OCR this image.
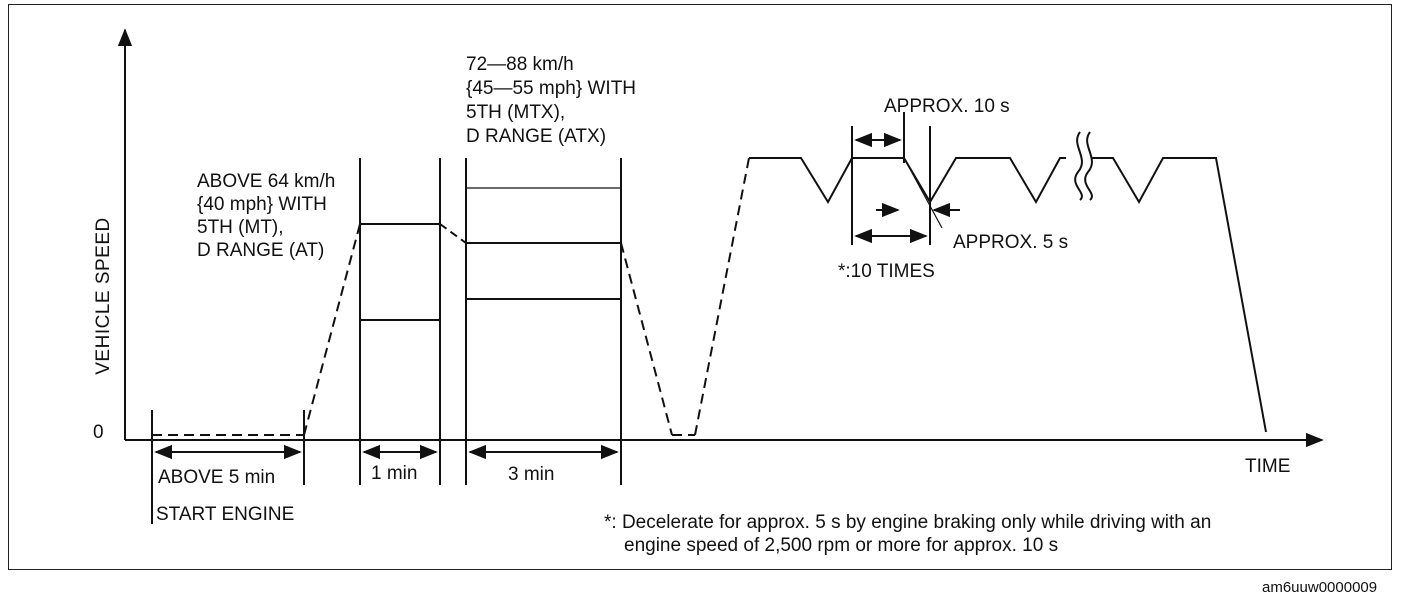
VEHICLE SPEED
0
TIME
ABOVE 5 min
START ENGINE
ABOVE 64 km/h
{40 mph} WITH
5TH (MT),
D RANGE (AT)
1 min
72—88 km/h
{45—55 mph} WITH
5TH (MTX),
D RANGE (ATX)
3 min
APPROX. 10 s
APPROX. 5 s
*:10 TIMES
*: Decelerate for approx. 5 s by engine braking only while driving with an
engine speed of 2,500 rpm or more for approx. 10 s
am6uuw0000009
